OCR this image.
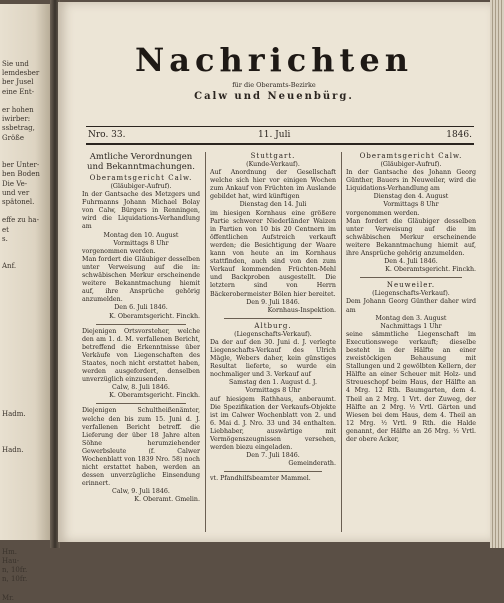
Sie und
lemdesber
ber Jusel
eine Ent-
er hohen
iwirber:
ssbetrag,
Größe
ber Unter-
ben Boden
Die Ve-
und ver
spätonel.
effe zu ha-
et
s.
Anf.
Hadm.
Hadn.
Hm.
Hau-
n, 10fr.
n, 10fr.
Mr.
Nachrichten
für die Oberamts-Bezirke
Calw und Neuenbürg.
Nro. 33.	11. Juli	1846.
Amtliche Verordnungen und Bekanntmachungen.

Oberamtsgericht Calw.

(Gläubiger-Aufruf).

In der Gantsache des Metzgers und Fuhrmanns Johann Michael Bolay von Calw, Bürgers in Renningen, wird die Liquidations-Verhandlung am

Montag den 10. August

Vormittags 8 Uhr

vorgenommen werden.

Man fordert die Gläubiger desselben unter Verweisung auf die in: schwäbischen Merkur erscheinende weitere Bekanntmachung hiemit auf, ihre Ansprüche gehörig anzumelden.

Den 6. Juli 1846.

K. Oberamtsgericht. Finckh.

Diejenigen Ortsvorsteher, welche den am 1. d. M. verfallenen Bericht, betreffend die Erkenntnisse über Verkäufe von Liegenschaften des Staates, noch nicht erstattet haben, werden ausgefordert, denselben unverzüglich einzusenden.

Calw, 8. Juli 1846.

K. Oberamtsgericht. Finckh.

Diejenigen Schultheißenämter, welche den bis zum 15. Juni d. J. verfallenen Bericht betreff. die Lieferung der über 18 Jahre alten Söhne herumziehender Gewerbsleute (f. Calwer Wochenblatt von 1839 Nro. 58) noch nicht erstattet haben, werden an dessen unverzügliche Einsendung erinnert.

Calw, 9. Juli 1846.

K. Oberamt. Gmelin.

Stuttgart.

(Kunde-Verkauf).

Auf Anordnung der Gesellschaft welche sich hier vor einigen Wochen zum Ankauf von Früchten im Auslande gebildet hat, wird künftigen

Dienstag den 14. Juli

im hiesigen Kornhaus eine größere Partie schwerer Niederländer Waizen in Partien von 10 bis 20 Centnern im öffentlichen Aufstreich verkauft werden; die Besichtigung der Waare kann von heute an im Kornhaus stattfinden, auch sind von den zum Verkauf kommenden Früchten-Mehl und Backproben ausgestellt. Die letztern sind von Herrn Bäckerobermeister Bölen hier bereitet.

Den 9. Juli 1846.

Kornhaus-Inspektion.

Altburg.

(Liegenschafts-Verkauf).

Da der auf den 30. Juni d. J. verlegte Liegenschafts-Verkauf des Ulrich Mägle, Webers daher, kein günstiges Resultat lieferte, so wurde ein nochmaliger und 3. Verkauf auf

Samstag den 1. August d. J.

Vormittags 8 Uhr

auf hiesigem Rathhaus, anberaumt. Die Spezifikation der Verkaufs-Objekte ist im Calwer Wochenblatt von 2. und 6. Mai d. J. Nro. 33 und 34 enthalten. Liebhaber, auswärtige mit Vermögenszeugnissen versehen, werden biezu eingeladen.

Den 7. Juli 1846.

Gemeinderath.

vt. Pfandhilfsbeamter Mammel.

Oberamtsgericht Calw.

(Gläubiger-Aufruf).

In der Gantsache des Johann Georg Günther, Bauers in Neuweiler, wird die Liquidations-Verhandlung am

Dienstag den 4. August

Vormittags 8 Uhr

vorgenommen werden.

Man fordert die Gläubiger desselben unter Verweisung auf die im schwäbischen Merkur erscheinende weitere Bekanntmachung hiemit auf, ihre Ansprüche gehörig anzumelden.

Den 4. Juli 1846.

K. Oberamtsgericht. Finckh.

Neuweiler.

(Liegenschafts-Verkauf).

Dem Johann Georg Günther daher wird am

Montag den 3. August

Nachmittags 1 Uhr

seine sämmtliche Liegenschaft im Executionswege verkauft; dieselbe besteht in der Hälfte an einer zweistöckigen Behausung mit Stallungen und 2 gewölbten Kellern, der Hälfte an einer Scheuer mit Holz- und Streueschopf beim Haus, der Hälfte an 4 Mrg. 12 Rth. Baumgarten, dem 4. Theil an 2 Mrg. 1 Vrt. der Zuweg, der Hälfte an 2 Mrg. ½ Vrtl. Gärten und Wiesen bei dem Haus, dem 4. Theil an 12 Mrg. ½ Vrtl. 9 Rth. die Halde genannt, der Hälfte an 26 Mrg. ½ Vrtl. der obere Acker,
